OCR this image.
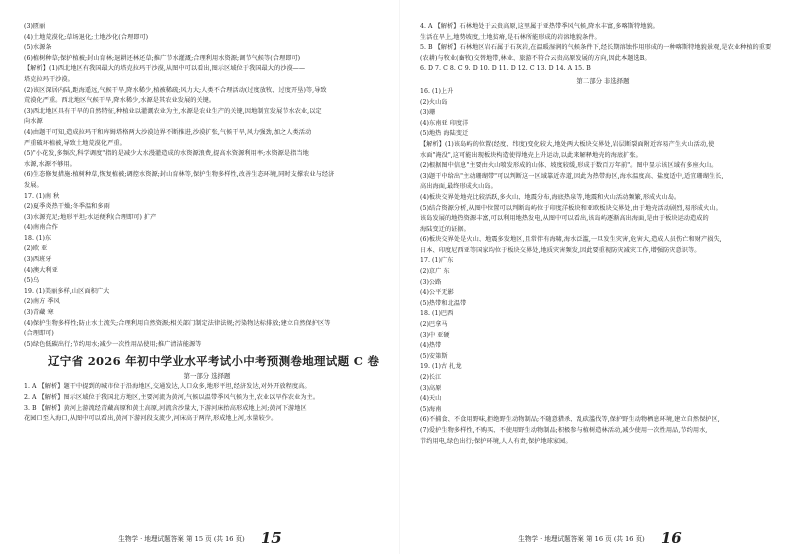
(3)匮丽
(4)土地荒漠化;草场退化;土地沙化(合理即可)
(5)水源条
(6)植树种草;保护植被;封山育林;退耕还林还草;推广节水灌溉;合理利用水资源;调节气候等(合理即可)
【解析】(1)西北地区有我国最大的塔克拉玛干沙漠,从图中可以看出,图示区域位于我国最大的沙漠——
塔克拉玛干沙漠。
(2)该区深居内陆,距海遥远,气候干旱,降水稀少,植被稀疏;风力大;人类不合理活动(过度放牧、过度开垦)等,导致
荒漠化严重。西北地区气候干旱,降水稀少,水源是其农业发展的关键。
(3)西北地区具有干旱的自然特征,种植业以灌溉农业为主,水源是农业生产的关键,因地制宜发展节水农业,以定
向水源
(4)由题干可知,造成拉玛干和库姆塔格两大沙漠边界不断推进,沙漠扩张,气候干旱,风力强劲,加之人类活动
严重破坏植被,导致土地荒漠化严重。
(5)"小花发,多频次,科学调度"指的是减少大水漫灌造成的水资源浪费,提高水资源利用率;水资源是指当地
水源,水源不够用。
(6)生态修复措施:植树种草,恢复植被;调控水资源;封山育林等,保护生物多样性,改善生态环境,同时支撑农业与经济
发展。
17. (1)南 秋
(2)夏季炎热干燥;冬季温和多雨
(3)水源充足;地形平坦;水运便利(合理即可) 扩产
(4)南南合作
18. (1)东
(2)欧 亚
(3)西班牙
(4)澳大利亚
(5)乌
19. (1)美丽多样,山区面积广大
(2)南方 季风
(3)青藏 寒
(4)保护生物多样性;防止水土流失;合理利用自然资源;相关部门制定法律法规;污染物达标排放;建立自然保护区等
(合理即可)
(5)绿色低碳出行;节约用水;减少一次性用品使用;推广清洁能源等
辽宁省 2026 年初中学业水平考试小中考预测卷地理试题 C 卷
第一部分 选择题
1. A 【解析】题干中提到的城市位于沿海地区,交通发达,人口众多,地形平坦,经济发达,对外开放程度高。
2. A 【解析】图示区域位于我国北方地区,主要河流为黄河,气候以温带季风气候为主,农业以旱作农业为主。
3. B 【解析】黄河上游流经青藏高原和黄土高原,河流含沙量大,下游河床抬高形成地上河;黄河下游地区
花园口至入海口,从图中可以看出,黄河下游河段支流少,河床高于两岸,形成地上河,水量较少。
生物学 · 地理试题答案 第 15 页 (共 16 页) 15
4. A 【解析】石林地处于云贵高原,这里属于亚热带季风气候,降水丰富,多喀斯特地貌。
生活在旱上,地势坡度,土地贫瘠,是石林所能形成的岩溶地貌条件。
5. B 【解析】石林地区岩石属于石灰岩,在温暖湿润的气候条件下,经长期溶蚀作用形成的一种喀斯特地貌景观,是农业种植的重要
(农耕)与牧业(畜牧)交替地带,林业、旅游不符合云贵高原发展的方向,因此本题选B。
6. D 7. C 8. C 9. D 10. D 11. D 12. C 13. D 14. A 15. B
第二部分 非选择题
16. (1)上升
(2)火山岛
(3)珊
(4)东南亚 印度洋
(5)地热 海陆变迁
【解析】(1)该岛屿的位置(经度、纬度)变化较大,地处两大板块交界处,岩层断裂面附近容易产生火山活动,使
水面"淹没",这可能出现板块构造使得地壳上升运动,以此来解释地壳的海底扩张。
(2)根据图中信息"主要由火山喷发形成的山体、坡度较缓,形成于数百万年前"。图中显示该区域有多座火山。
(3)题干中给出"主动珊瑚带"可以判断这一区域靠近赤道,因此为热带海区,海水温度高、盐度适中,适宜珊瑚生长,
高出海面,最终形成火山岛。
(4)板块交界处地壳比较活跃,多火山、地震分布,海底热泉等,地震和火山活动频繁,形成火山岛。
(5)结合资源分析,从图中位置可以判断岛屿位于印度洋板块和亚欧板块交界处,由于地壳活动剧烈,易形成火山。
该岛发展的地热资源丰富,可以利用地热发电,从图中可以看出,该岛屿逐渐高出海面,是由于板块运动造成的
海陆变迁的证据。
(6)板块交界处是火山、地震多发地区,且常伴有海啸,海水泛滥,一旦发生灾害,危害大,造成人员伤亡和财产损失,
日本、印度尼西亚等国家均位于板块交界处,地质灾害频发,因此要重视防灾减灾工作,增强防灾意识等。
17. (1)广东
(2)京广 东
(3)公路
(4)公平无影
(5)热带和北温带
18. (1)巴西
(2)巴拿马
(3)中 亚硬
(4)热带
(5)安第斯
19. (1)古 扎龙
(2)长江
(3)高原
(4)天山
(5)海南
(6)不捕食、不食用野味,拒绝野生动物制品;不随意猎杀、乱砍滥伐等,保护野生动物栖息环境,建立自然保护区,
(7)爱护生物多样性,不购买、不使用野生动物制品;积极参与植树造林活动,减少使用一次性用品,节约用水,
节约用电,绿色出行;保护环境,人人有责,保护地球家园。
生物学 · 地理试题答案 第 16 页 (共 16 页) 16
